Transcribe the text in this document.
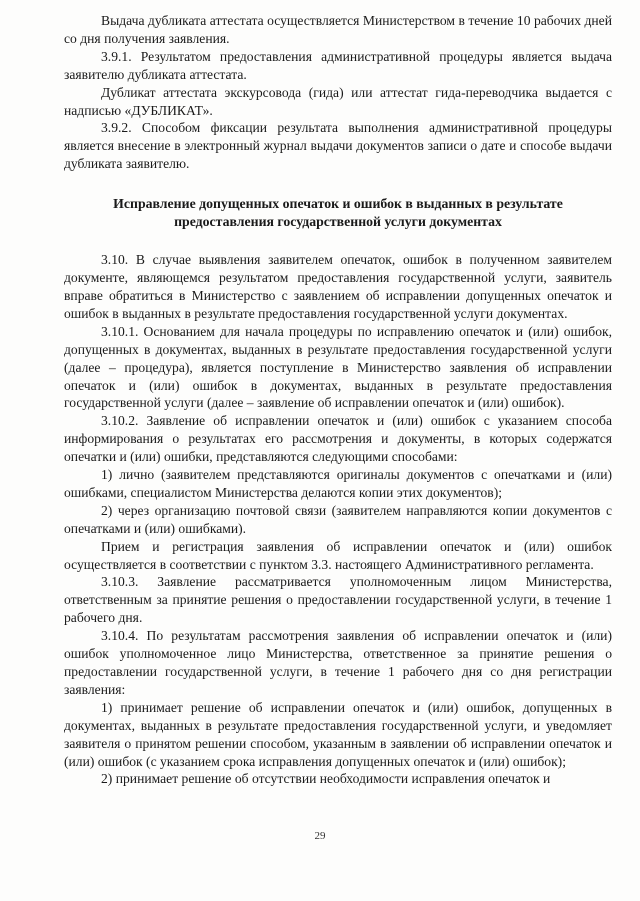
Выдача дубликата аттестата осуществляется Министерством в течение 10 рабочих дней со дня получения заявления.

3.9.1. Результатом предоставления административной процедуры является выдача заявителю дубликата аттестата.

Дубликат аттестата экскурсовода (гида) или аттестат гида-переводчика выдается с надписью «ДУБЛИКАТ».

3.9.2. Способом фиксации результата выполнения административной процедуры является внесение в электронный журнал выдачи документов записи о дате и способе выдачи дубликата заявителю.

Исправление допущенных опечаток и ошибок в выданных в результате
предоставления государственной услуги документах

3.10. В случае выявления заявителем опечаток, ошибок в полученном заявителем документе, являющемся результатом предоставления государственной услуги, заявитель вправе обратиться в Министерство с заявлением об исправлении допущенных опечаток и ошибок в выданных в результате предоставления государственной услуги документах.

3.10.1. Основанием для начала процедуры по исправлению опечаток и (или) ошибок, допущенных в документах, выданных в результате предоставления государственной услуги (далее – процедура), является поступление в Министерство заявления об исправлении опечаток и (или) ошибок в документах, выданных в результате предоставления государственной услуги (далее – заявление об исправлении опечаток и (или) ошибок).

3.10.2. Заявление об исправлении опечаток и (или) ошибок с указанием способа информирования о результатах его рассмотрения и документы, в которых содержатся опечатки и (или) ошибки, представляются следующими способами:

1) лично (заявителем представляются оригиналы документов с опечатками и (или) ошибками, специалистом Министерства делаются копии этих документов);

2) через организацию почтовой связи (заявителем направляются копии документов с опечатками и (или) ошибками).

Прием и регистрация заявления об исправлении опечаток и (или) ошибок осуществляется в соответствии с пунктом 3.3. настоящего Административного регламента.

3.10.3. Заявление рассматривается уполномоченным лицом Министерства, ответственным за принятие решения о предоставлении государственной услуги, в течение 1 рабочего дня.

3.10.4. По результатам рассмотрения заявления об исправлении опечаток и (или) ошибок уполномоченное лицо Министерства, ответственное за принятие решения о предоставлении государственной услуги, в течение 1 рабочего дня со дня регистрации заявления:

1) принимает решение об исправлении опечаток и (или) ошибок, допущенных в документах, выданных в результате предоставления государственной услуги, и уведомляет заявителя о принятом решении способом, указанным в заявлении об исправлении опечаток и (или) ошибок (с указанием срока исправления допущенных опечаток и (или) ошибок);

2) принимает решение об отсутствии необходимости исправления опечаток и

29
